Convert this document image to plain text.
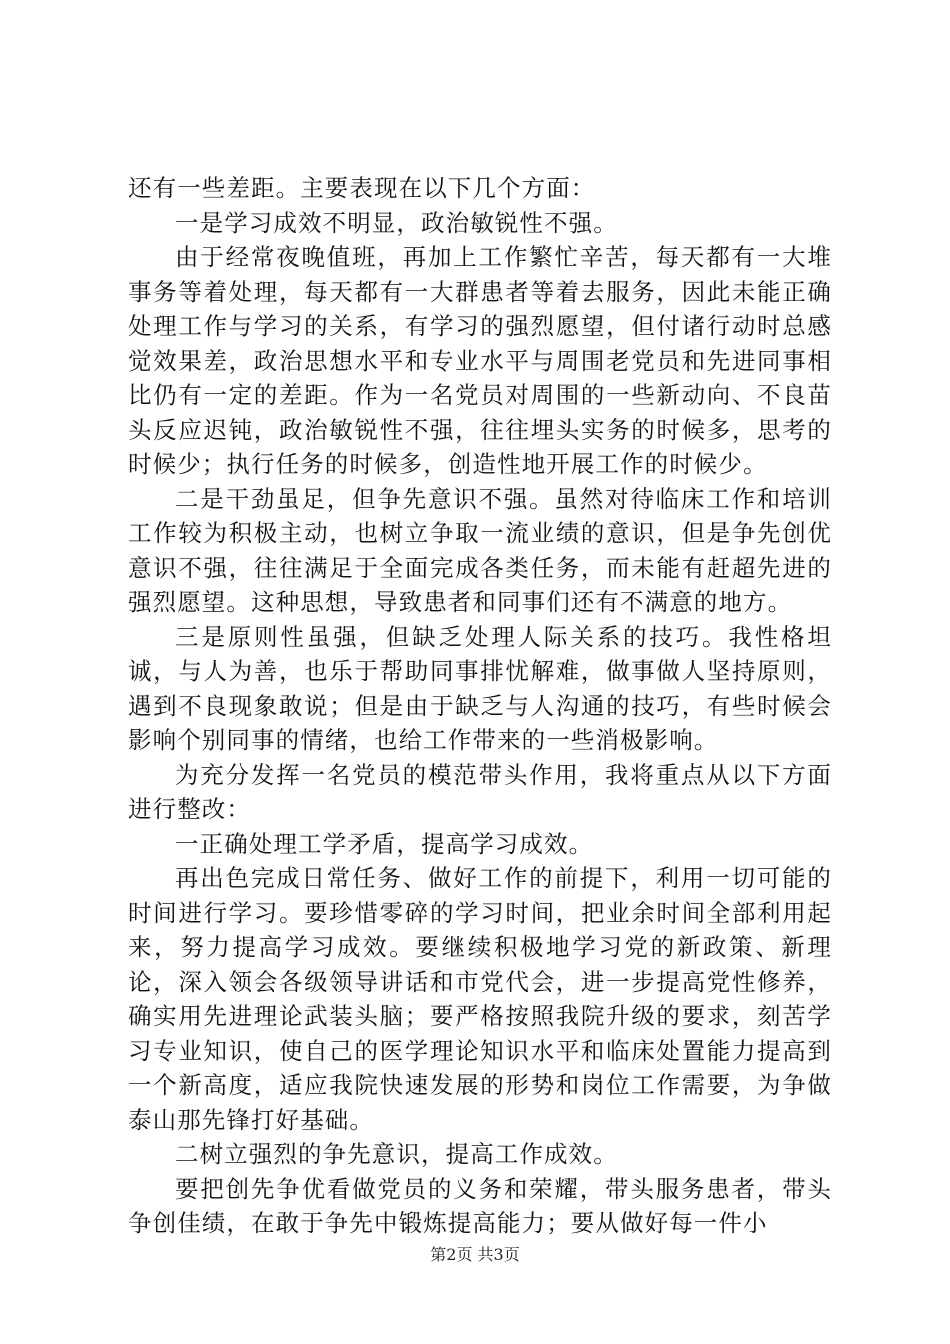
还有一些差距。主要表现在以下几个方面：

一是学习成效不明显，政治敏锐性不强。

由于经常夜晚值班，再加上工作繁忙辛苦，每天都有一大堆事务等着处理，每天都有一大群患者等着去服务，因此未能正确处理工作与学习的关系，有学习的强烈愿望，但付诸行动时总感觉效果差，政治思想水平和专业水平与周围老党员和先进同事相比仍有一定的差距。作为一名党员对周围的一些新动向、不良苗头反应迟钝，政治敏锐性不强，往往埋头实务的时候多，思考的时候少；执行任务的时候多，创造性地开展工作的时候少。

二是干劲虽足，但争先意识不强。虽然对待临床工作和培训工作较为积极主动，也树立争取一流业绩的意识，但是争先创优意识不强，往往满足于全面完成各类任务，而未能有赶超先进的强烈愿望。这种思想，导致患者和同事们还有不满意的地方。

三是原则性虽强，但缺乏处理人际关系的技巧。我性格坦诚，与人为善，也乐于帮助同事排忧解难，做事做人坚持原则，遇到不良现象敢说；但是由于缺乏与人沟通的技巧，有些时候会影响个别同事的情绪，也给工作带来的一些消极影响。

为充分发挥一名党员的模范带头作用，我将重点从以下方面进行整改：

一正确处理工学矛盾，提高学习成效。

再出色完成日常任务、做好工作的前提下，利用一切可能的时间进行学习。要珍惜零碎的学习时间，把业余时间全部利用起来，努力提高学习成效。要继续积极地学习党的新政策、新理论，深入领会各级领导讲话和市党代会，进一步提高党性修养，确实用先进理论武装头脑；要严格按照我院升级的要求，刻苦学习专业知识，使自己的医学理论知识水平和临床处置能力提高到一个新高度，适应我院快速发展的形势和岗位工作需要，为争做泰山那先锋打好基础。

二树立强烈的争先意识，提高工作成效。

要把创先争优看做党员的义务和荣耀，带头服务患者，带头争创佳绩，在敢于争先中锻炼提高能力；要从做好每一件小

第2页 共3页
